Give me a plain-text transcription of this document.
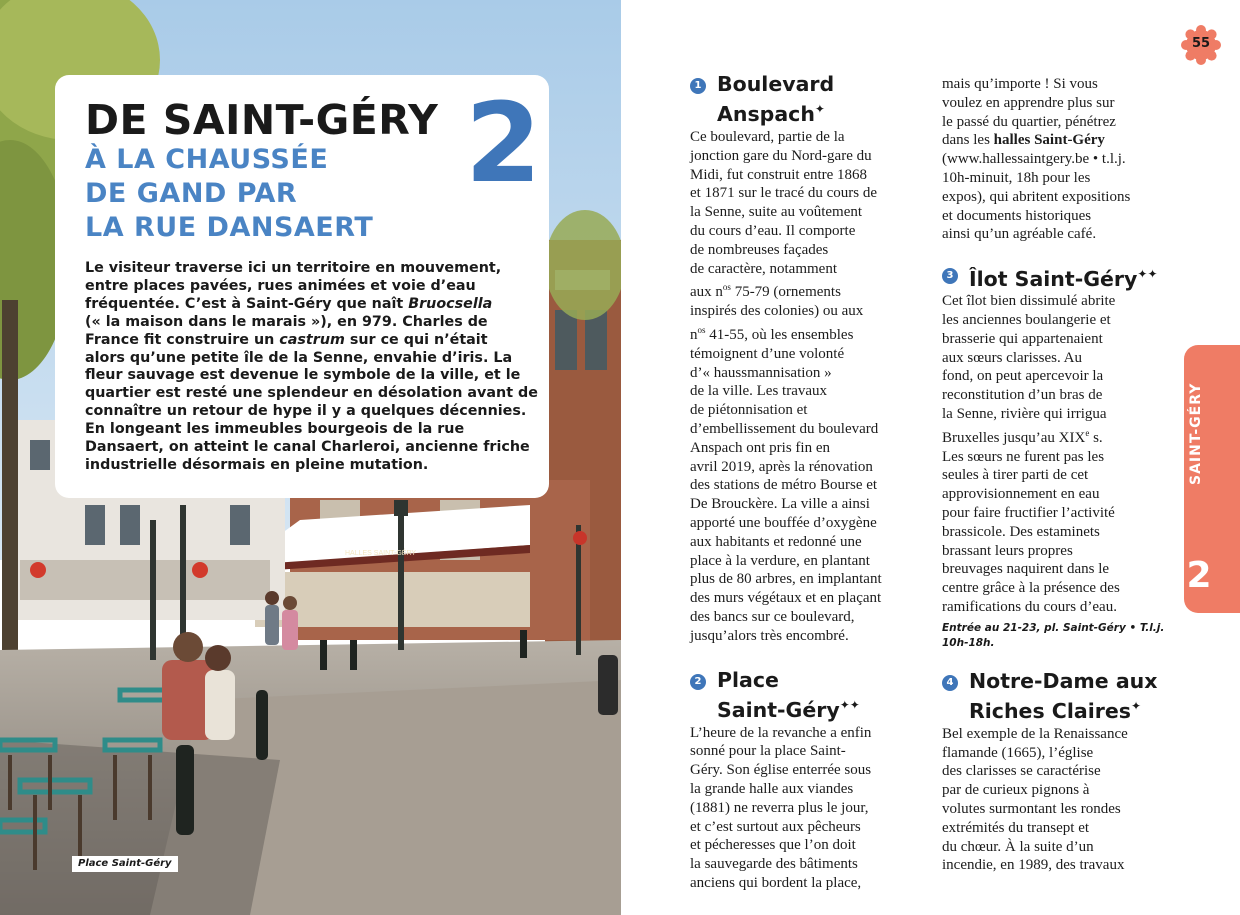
HALLES SAINT-GÉRY
DE SAINT-GÉRY
À LA CHAUSSÉE
DE GAND PAR
LA RUE DANSAERT
2
Le visiteur traverse ici un territoire en mouvement,
entre places pavées, rues animées et voie d’eau
fréquentée. C’est à Saint-Géry que naît Bruocsella
(« la maison dans le marais »), en 979. Charles de
France fit construire un castrum sur ce qui n’était
alors qu’une petite île de la Senne, envahie d’iris. La
fleur sauvage est devenue le symbole de la ville, et le
quartier est resté une splendeur en désolation avant de
connaître un retour de hype il y a quelques décennies.
En longeant les immeubles bourgeois de la rue
Dansaert, on atteint le canal Charleroi, ancienne friche
industrielle désormais en pleine mutation.
Place Saint-Géry
55
SAINT-GÉRY
2
1 Boulevard
Anspach✦
Ce boulevard, partie de la
jonction gare du Nord-gare du
Midi, fut construit entre 1868
et 1871 sur le tracé du cours de
la Senne, suite au voûtement
du cours d’eau. Il comporte
de nombreuses façades
de caractère, notamment
aux $n^{os}$ 75-79 (ornements
inspirés des colonies) ou aux
$n^{os}$ 41-55, où les ensembles
témoignent d’une volonté
d’« haussmannisation »
de la ville. Les travaux
de piétonnisation et
d’embellissement du boulevard
Anspach ont pris fin en
avril 2019, après la rénovation
des stations de métro Bourse et
De Brouckère. La ville a ainsi
apporté une bouffée d’oxygène
aux habitants et redonné une
place à la verdure, en plantant
plus de 80 arbres, en implantant
des murs végétaux et en plaçant
des bancs sur ce boulevard,
jusqu’alors très encombré.
2 Place
Saint-Géry✦✦
L’heure de la revanche a enfin
sonné pour la place Saint-
Géry. Son église enterrée sous
la grande halle aux viandes
(1881) ne reverra plus le jour,
et c’est surtout aux pêcheurs
et pécheresses que l’on doit
la sauvegarde des bâtiments
anciens qui bordent la place,
mais qu’importe ! Si vous
voulez en apprendre plus sur
le passé du quartier, pénétrez
dans les halles Saint-Géry
(www.hallessaintgery.be • t.l.j.
10h-minuit, 18h pour les
expos), qui abritent expositions
et documents historiques
ainsi qu’un agréable café.
3 Îlot Saint-Géry✦✦
Cet îlot bien dissimulé abrite
les anciennes boulangerie et
brasserie qui appartenaient
aux sœurs clarisses. Au
fond, on peut apercevoir la
reconstitution d’un bras de
la Senne, rivière qui irrigua
Bruxelles jusqu’au XIXe s.
Les sœurs ne furent pas les
seules à tirer parti de cet
approvisionnement en eau
pour faire fructifier l’activité
brassicole. Des estaminets
brassant leurs propres
breuvages naquirent dans le
centre grâce à la présence des
ramifications du cours d’eau.
Entrée au 21-23, pl. Saint-Géry • T.l.j.
10h-18h.
4 Notre-Dame aux
Riches Claires✦
Bel exemple de la Renaissance
flamande (1665), l’église
des clarisses se caractérise
par de curieux pignons à
volutes surmontant les rondes
extrémités du transept et
du chœur. À la suite d’un
incendie, en 1989, des travaux
